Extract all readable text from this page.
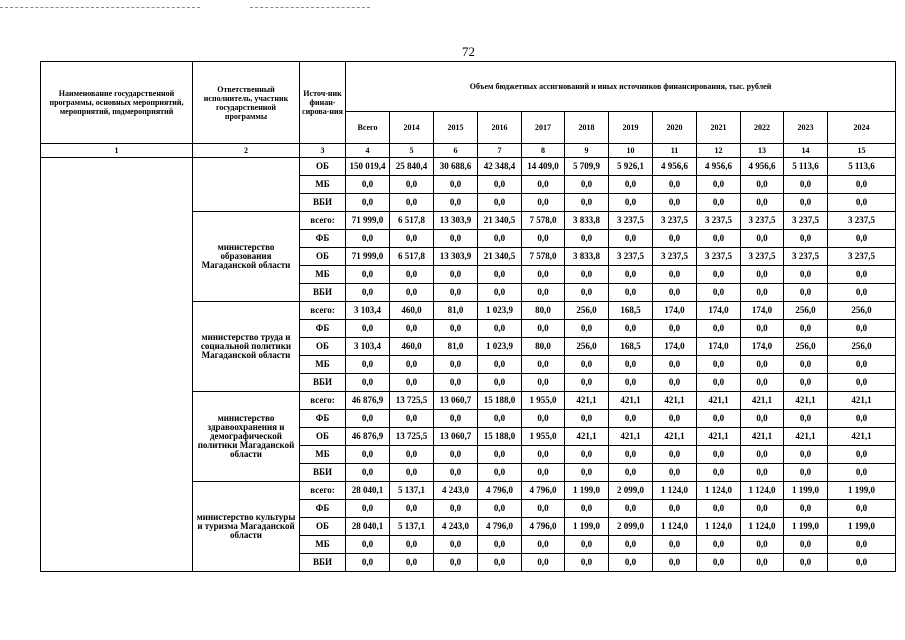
72
Наименование государственной программы, основных мероприятий, мероприятий, подмероприятий	Ответственный исполнитель, участник государственной программы	Источ-ник финан-сирова-ния	Объем бюджетных ассигнований и иных источников финансирования, тыс. рублей											
			Всего	2014	2015	2016	2017	2018	2019	2020	2021	2022	2023	2024
1	2	3	4	5	6	7	8	9	10	11	12	13	14	15
		ОБ	150 019,4	25 840,4	30 688,6	42 348,4	14 409,0	5 709,9	5 926,1	4 956,6	4 956,6	4 956,6	5 113,6	5 113,6
		МБ	0,0	0,0	0,0	0,0	0,0	0,0	0,0	0,0	0,0	0,0	0,0	0,0
		ВБИ	0,0	0,0	0,0	0,0	0,0	0,0	0,0	0,0	0,0	0,0	0,0	0,0
	министерство образования Магаданской области	всего:	71 999,0	6 517,8	13 303,9	21 340,5	7 578,0	3 833,8	3 237,5	3 237,5	3 237,5	3 237,5	3 237,5	3 237,5
		ФБ	0,0	0,0	0,0	0,0	0,0	0,0	0,0	0,0	0,0	0,0	0,0	0,0
		ОБ	71 999,0	6 517,8	13 303,9	21 340,5	7 578,0	3 833,8	3 237,5	3 237,5	3 237,5	3 237,5	3 237,5	3 237,5
		МБ	0,0	0,0	0,0	0,0	0,0	0,0	0,0	0,0	0,0	0,0	0,0	0,0
		ВБИ	0,0	0,0	0,0	0,0	0,0	0,0	0,0	0,0	0,0	0,0	0,0	0,0
	министерство труда и социальной политики Магаданской области	всего:	3 103,4	460,0	81,0	1 023,9	80,0	256,0	168,5	174,0	174,0	174,0	256,0	256,0
		ФБ	0,0	0,0	0,0	0,0	0,0	0,0	0,0	0,0	0,0	0,0	0,0	0,0
		ОБ	3 103,4	460,0	81,0	1 023,9	80,0	256,0	168,5	174,0	174,0	174,0	256,0	256,0
		МБ	0,0	0,0	0,0	0,0	0,0	0,0	0,0	0,0	0,0	0,0	0,0	0,0
		ВБИ	0,0	0,0	0,0	0,0	0,0	0,0	0,0	0,0	0,0	0,0	0,0	0,0
	министерство здравоохранения и демографической политики Магаданской области	всего:	46 876,9	13 725,5	13 060,7	15 188,0	1 955,0	421,1	421,1	421,1	421,1	421,1	421,1	421,1
		ФБ	0,0	0,0	0,0	0,0	0,0	0,0	0,0	0,0	0,0	0,0	0,0	0,0
		ОБ	46 876,9	13 725,5	13 060,7	15 188,0	1 955,0	421,1	421,1	421,1	421,1	421,1	421,1	421,1
		МБ	0,0	0,0	0,0	0,0	0,0	0,0	0,0	0,0	0,0	0,0	0,0	0,0
		ВБИ	0,0	0,0	0,0	0,0	0,0	0,0	0,0	0,0	0,0	0,0	0,0	0,0
	министерство культуры и туризма Магаданской области	всего:	28 040,1	5 137,1	4 243,0	4 796,0	4 796,0	1 199,0	2 099,0	1 124,0	1 124,0	1 124,0	1 199,0	1 199,0
		ФБ	0,0	0,0	0,0	0,0	0,0	0,0	0,0	0,0	0,0	0,0	0,0	0,0
		ОБ	28 040,1	5 137,1	4 243,0	4 796,0	4 796,0	1 199,0	2 099,0	1 124,0	1 124,0	1 124,0	1 199,0	1 199,0
		МБ	0,0	0,0	0,0	0,0	0,0	0,0	0,0	0,0	0,0	0,0	0,0	0,0
		ВБИ	0,0	0,0	0,0	0,0	0,0	0,0	0,0	0,0	0,0	0,0	0,0	0,0
